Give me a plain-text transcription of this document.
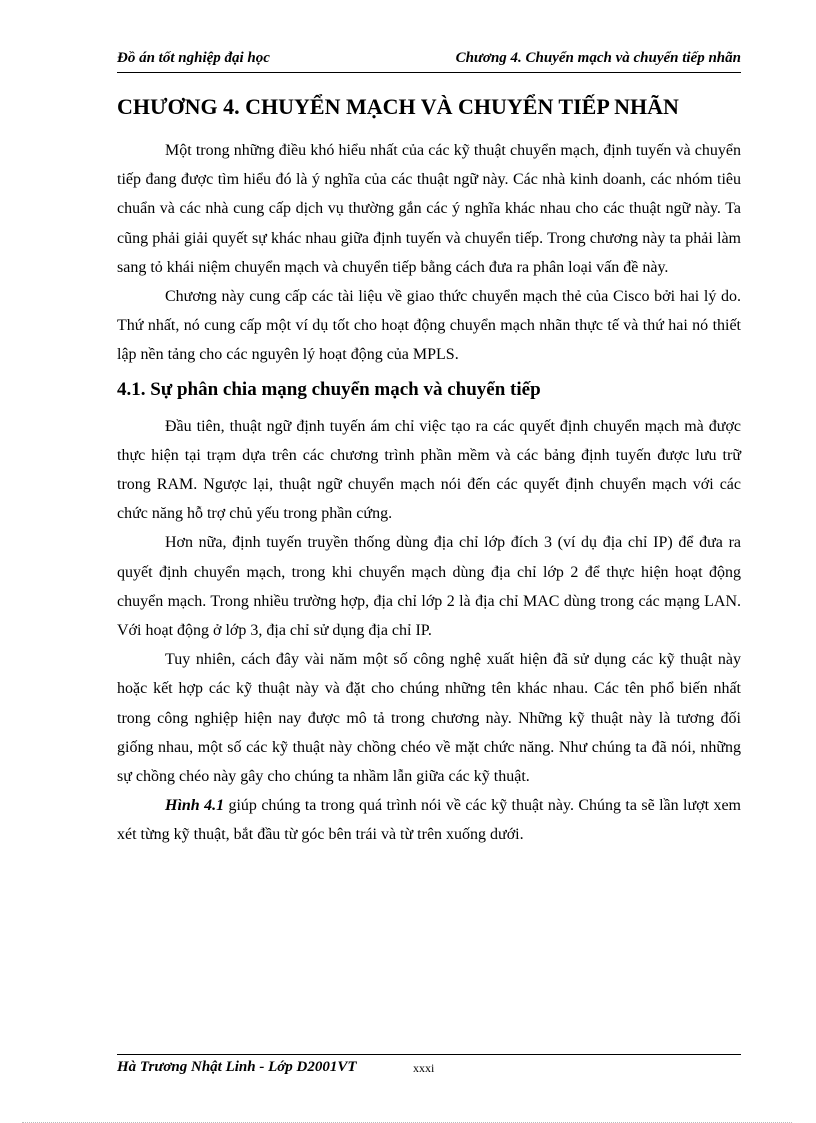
Đồ án tốt nghiệp đại học	Chương 4. Chuyển mạch và chuyển tiếp nhãn
CHƯƠNG 4. CHUYỂN MẠCH VÀ CHUYỂN TIẾP NHÃN

Một trong những điều khó hiểu nhất của các kỹ thuật chuyển mạch, định tuyến và chuyển tiếp đang được tìm hiểu đó là ý nghĩa của các thuật ngữ này. Các nhà kinh doanh, các nhóm tiêu chuẩn và các nhà cung cấp dịch vụ thường gắn các ý nghĩa khác nhau cho các thuật ngữ này. Ta cũng phải giải quyết sự khác nhau giữa định tuyến và chuyển tiếp. Trong chương này ta phải làm sang tỏ khái niệm chuyển mạch và chuyển tiếp bằng cách đưa ra phân loại vấn đề này.

Chương này cung cấp các tài liệu về giao thức chuyển mạch thẻ của Cisco bởi hai lý do. Thứ nhất, nó cung cấp một ví dụ tốt cho hoạt động chuyển mạch nhãn thực tế và thứ hai nó thiết lập nền tảng cho các nguyên lý hoạt động của MPLS.

4.1. Sự phân chia mạng chuyển mạch và chuyển tiếp

Đầu tiên, thuật ngữ định tuyến ám chỉ việc tạo ra các quyết định chuyển mạch mà được thực hiện tại trạm dựa trên các chương trình phần mềm và các bảng định tuyến được lưu trữ trong RAM. Ngược lại, thuật ngữ chuyển mạch nói đến các quyết định chuyển mạch với các chức năng hỗ trợ chủ yếu trong phần cứng.

Hơn nữa, định tuyến truyền thống dùng địa chỉ lớp đích 3 (ví dụ địa chỉ IP) để đưa ra quyết định chuyển mạch, trong khi chuyển mạch dùng địa chỉ lớp 2 để thực hiện hoạt động chuyển mạch. Trong nhiều trường hợp, địa chỉ lớp 2 là địa chỉ MAC dùng trong các mạng LAN. Với hoạt động ở lớp 3, địa chỉ sử dụng địa chỉ IP.

Tuy nhiên, cách đây vài năm một số công nghệ xuất hiện đã sử dụng các kỹ thuật này hoặc kết hợp các kỹ thuật này và đặt cho chúng những tên khác nhau. Các tên phổ biến nhất trong công nghiệp hiện nay được mô tả trong chương này. Những kỹ thuật này là tương đối giống nhau, một số các kỹ thuật này chồng chéo về mặt chức năng. Như chúng ta đã nói, những sự chồng chéo này gây cho chúng ta nhầm lẫn giữa các kỹ thuật.

Hình 4.1 giúp chúng ta trong quá trình nói về các kỹ thuật này. Chúng ta sẽ lần lượt xem xét từng kỹ thuật, bắt đầu từ góc bên trái và từ trên xuống dưới.

Hà Trương Nhật Linh - Lớp D2001VT	xxxi
